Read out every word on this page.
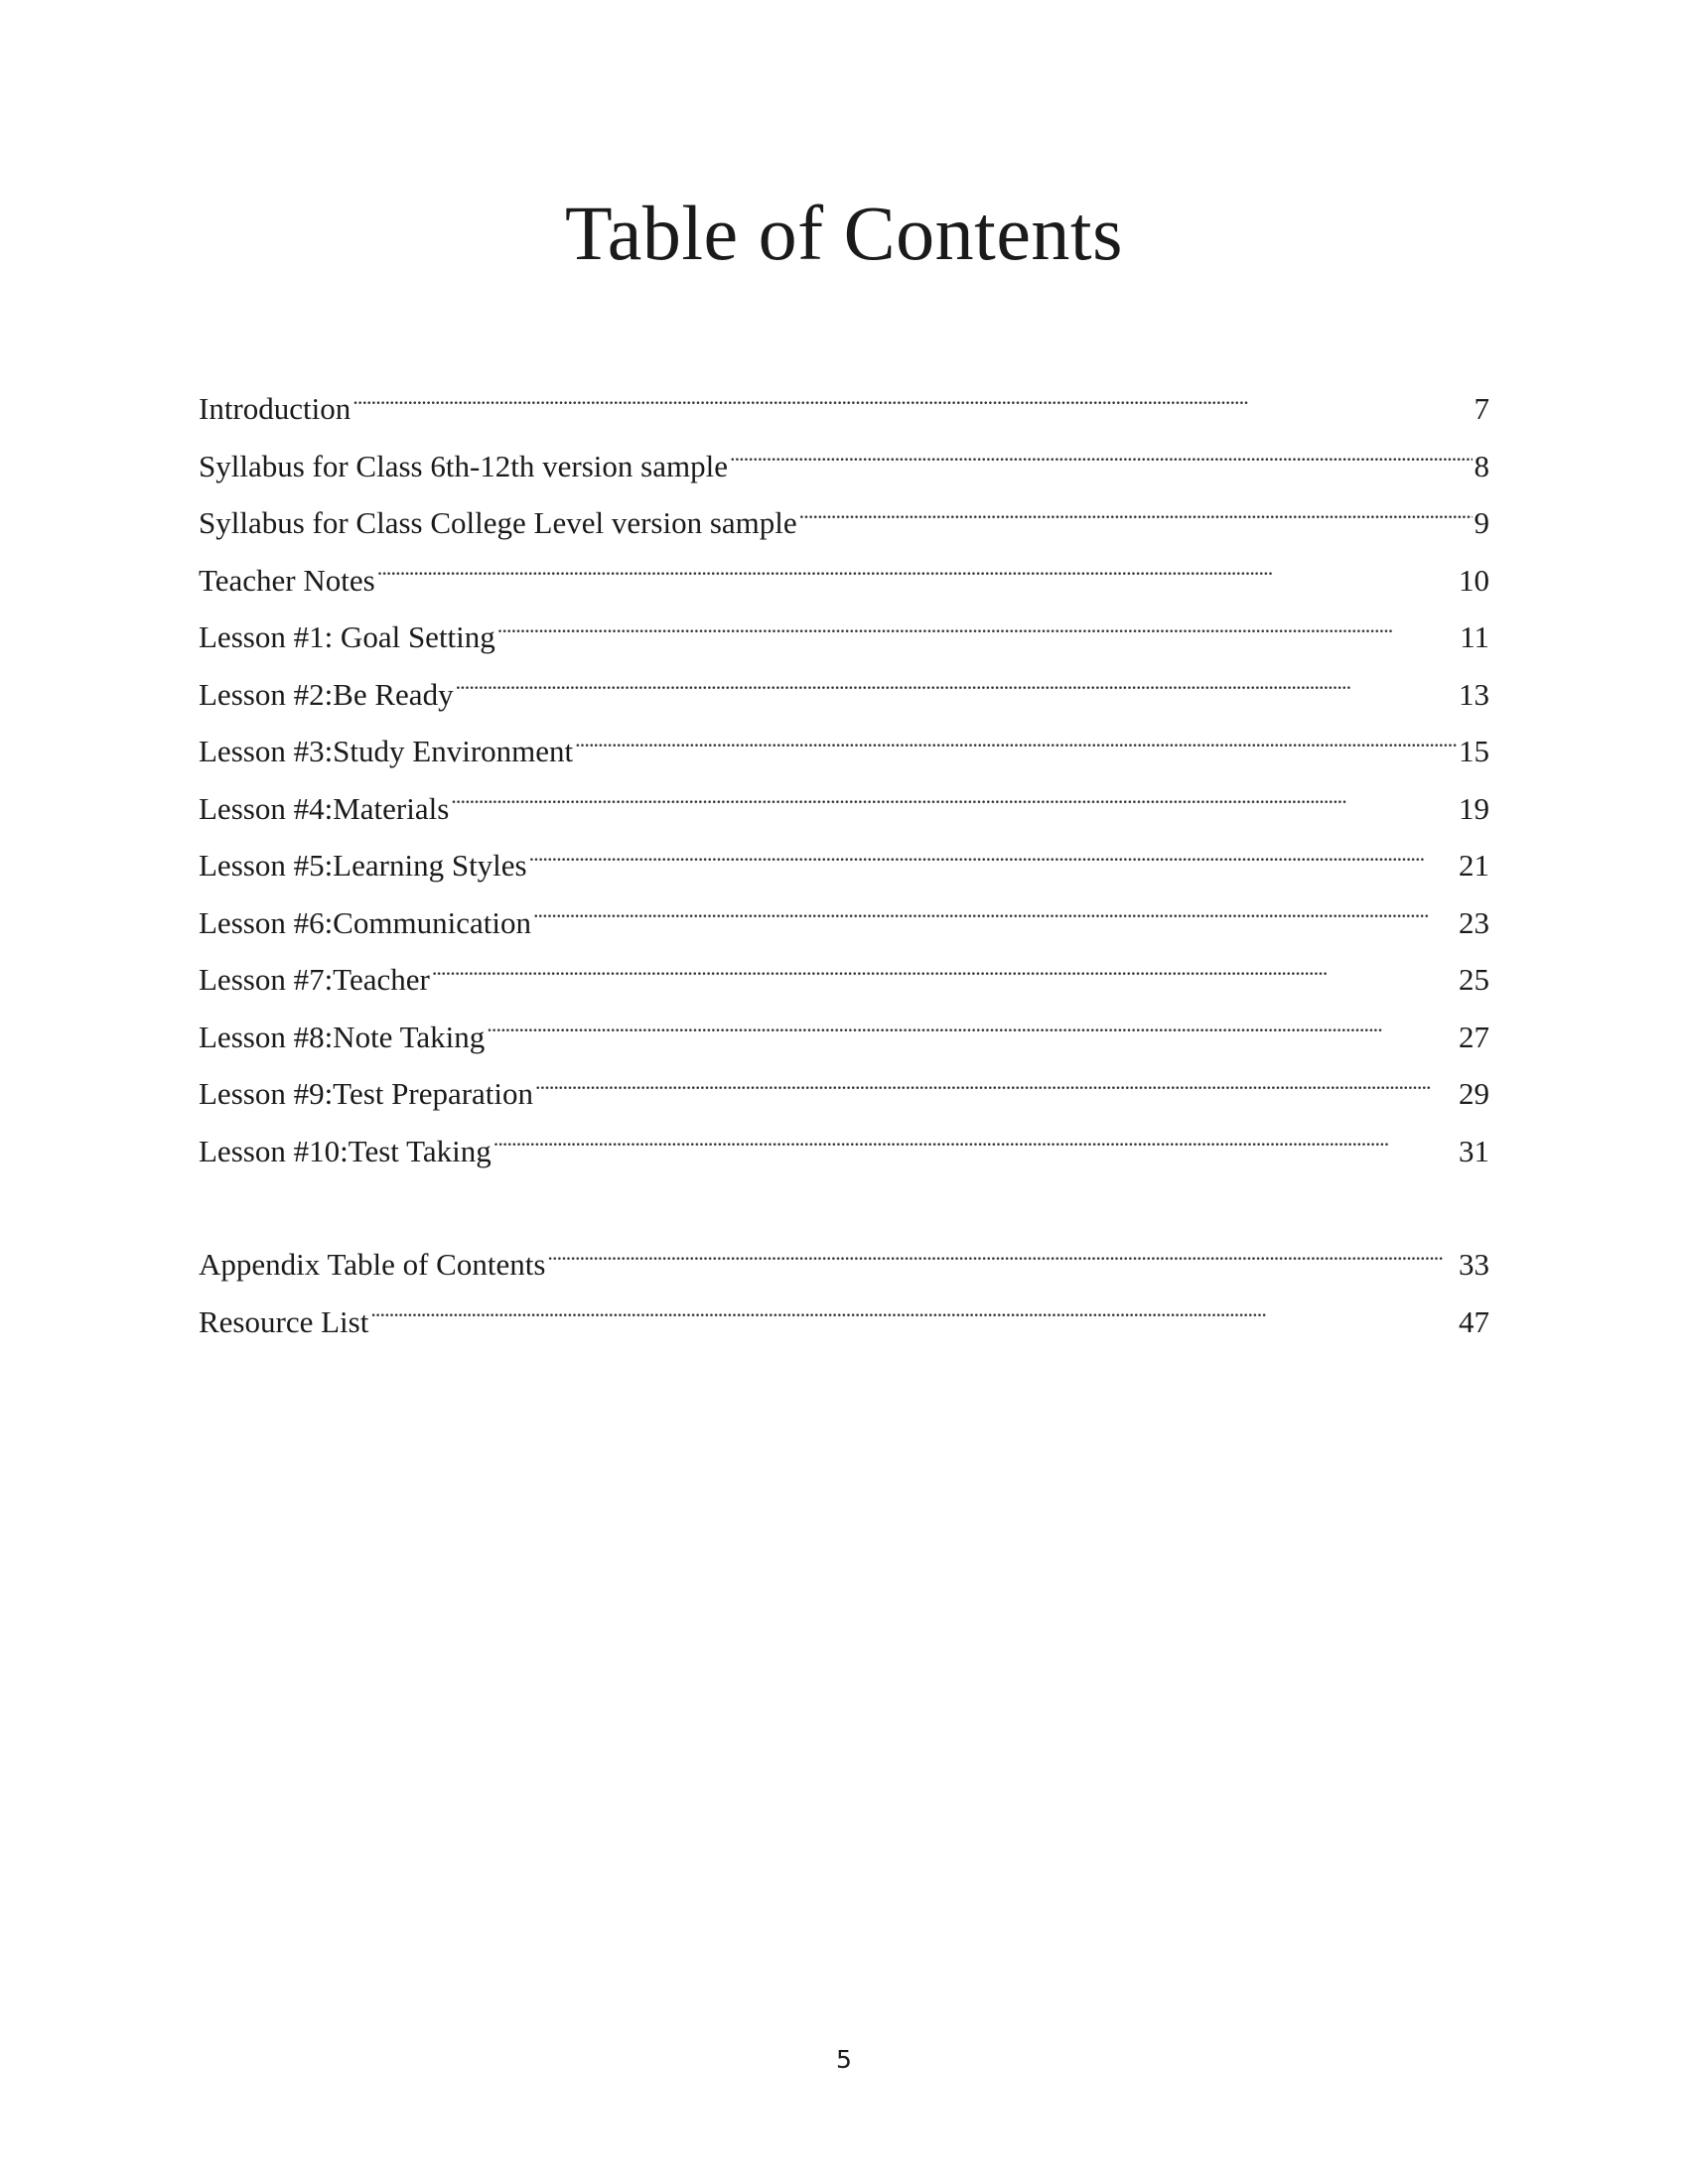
Table of Contents
Introduction . . .	7
Syllabus for Class 6th-12th version sample . . .	8
Syllabus for Class College Level version sample . . .	9
Teacher Notes . . .	10
Lesson #1: Goal Setting . . .	11
Lesson #2:Be Ready . . .	13
Lesson #3:Study Environment . . .	15
Lesson #4:Materials . . .	19
Lesson #5:Learning Styles . . .	21
Lesson #6:Communication . . .	23
Lesson #7:Teacher . . .	25
Lesson #8:Note Taking . . .	27
Lesson #9:Test Preparation . . .	29
Lesson #10:Test Taking . . .	31
Appendix Table of Contents . . .	33
Resource List . . .	47
5
